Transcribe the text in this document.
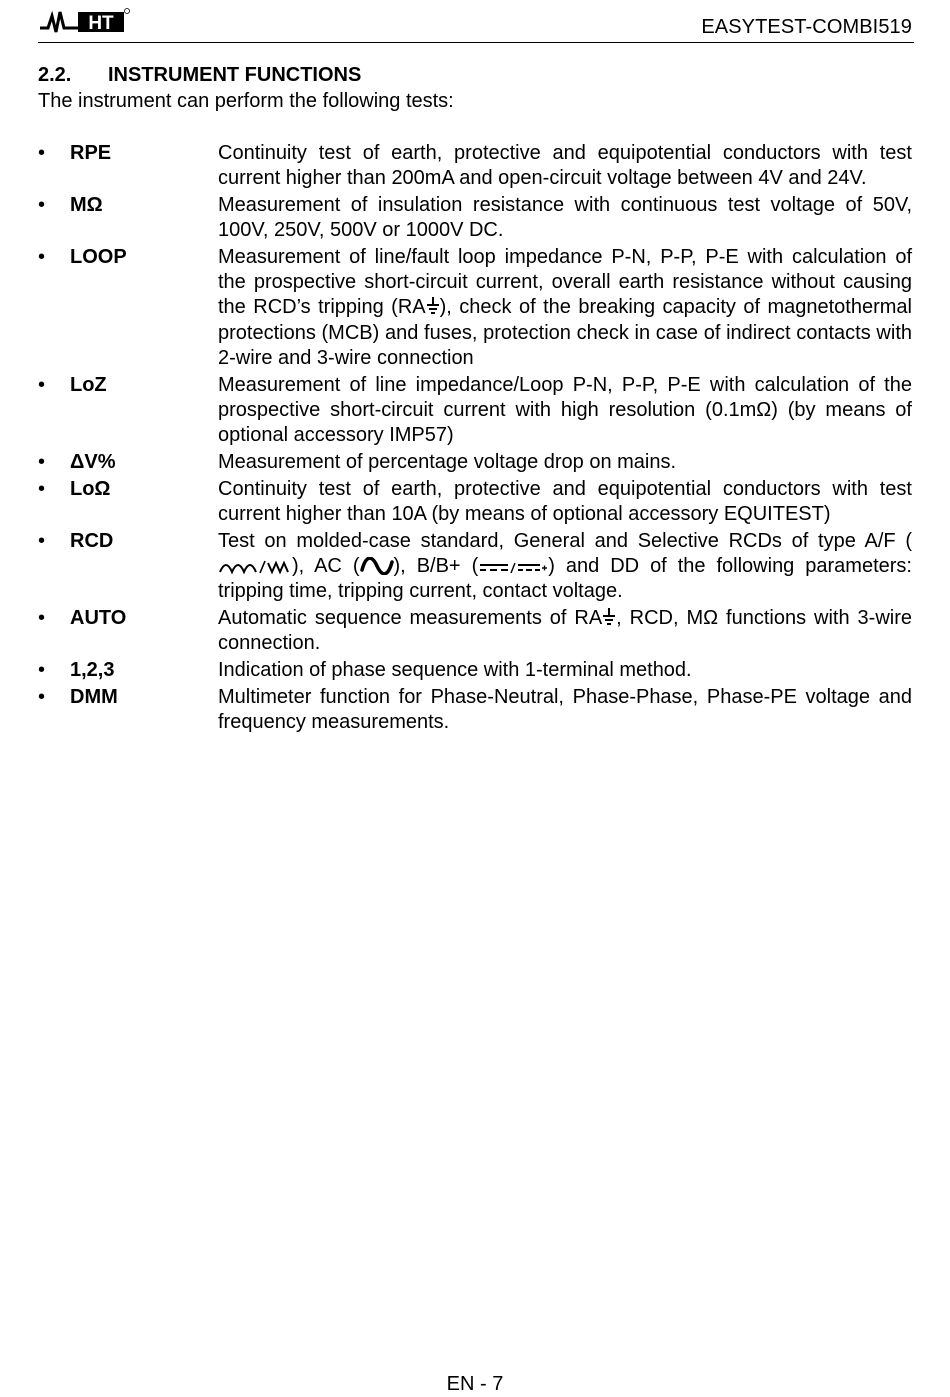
HT	EASYTEST-COMBI519
2.2. INSTRUMENT FUNCTIONS
The instrument can perform the following tests:
•	RPE	Continuity test of earth, protective and equipotential conductors with test current higher than 200mA and open-circuit voltage between 4V and 24V.
•	MΩ	Measurement of insulation resistance with continuous test voltage of 50V, 100V, 250V, 500V or 1000V DC.
•	LOOP	Measurement of line/fault loop impedance P-N, P-P, P-E with calculation of the prospective short-circuit current, overall earth resistance without causing the RCD’s tripping (RA ), check of the breaking capacity of magnetothermal protections (MCB) and fuses, protection check in case of indirect contacts with 2-wire and 3-wire connection
•	LoZ	Measurement of line impedance/Loop P-N, P-P, P-E with calculation of the prospective short-circuit current with high resolution (0.1mΩ) (by means of optional accessory IMP57)
•	ΔV%	Measurement of percentage voltage drop on mains.
•	LoΩ	Continuity test of earth, protective and equipotential conductors with test current higher than 10A (by means of optional accessory EQUITEST)
•	RCD	Test on molded-case standard, General and Selective RCDs of type A/F (), AC ( ), B/B+ (	) and DD of the following parameters: tripping time, tripping current, contact voltage.
•	AUTO	Automatic sequence measurements of RA , RCD, MΩ functions with 3-wire connection.
•	1,2,3	Indication of phase sequence with 1-terminal method.
•	DMM	Multimeter function for Phase-Neutral, Phase-Phase, Phase-PE voltage and frequency measurements.
EN - 7
